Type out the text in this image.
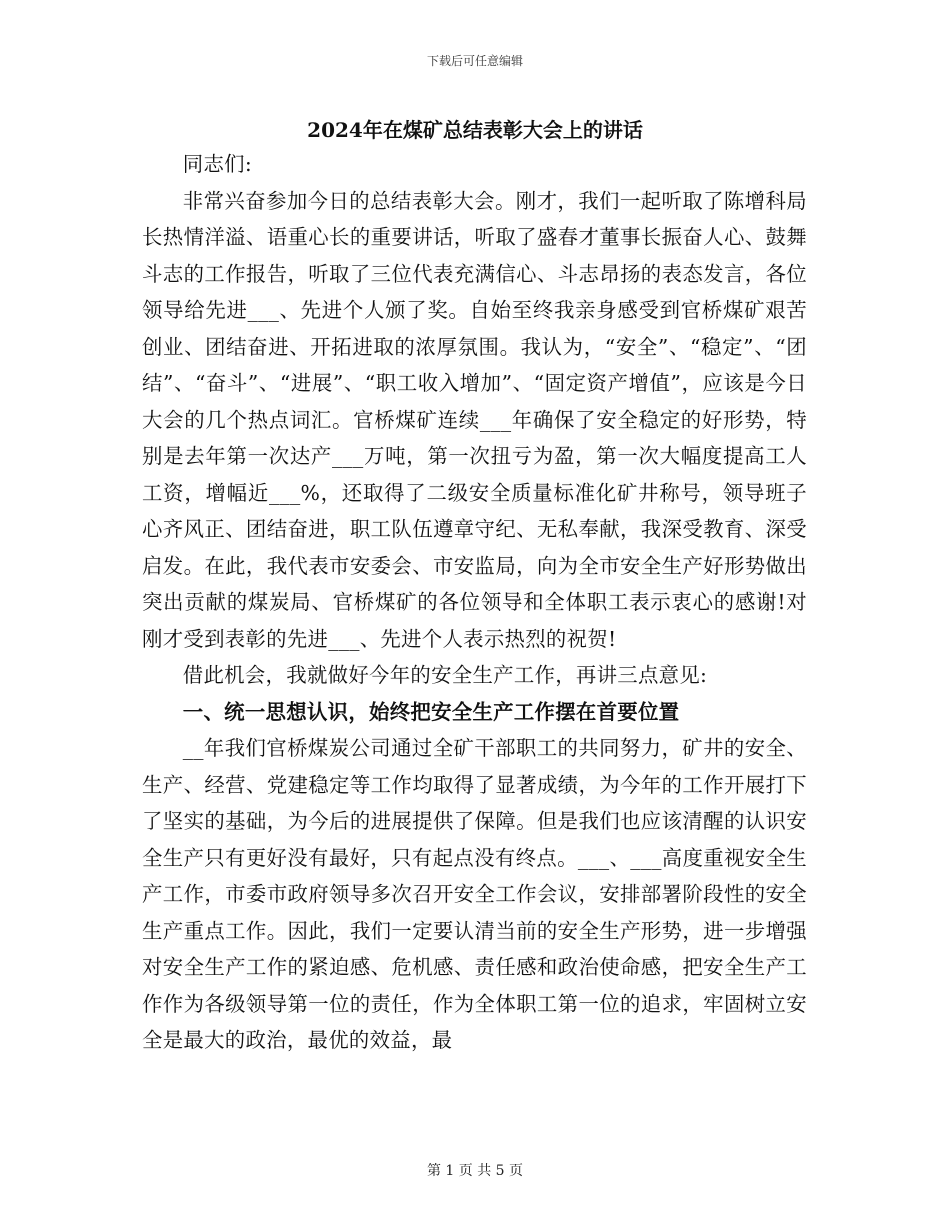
下载后可任意编辑
2024年在煤矿总结表彰大会上的讲话

同志们:

非常兴奋参加今日的总结表彰大会。刚才，我们一起听取了陈增科局长热情洋溢、语重心长的重要讲话，听取了盛春才董事长振奋人心、鼓舞斗志的工作报告，听取了三位代表充满信心、斗志昂扬的表态发言，各位领导给先进___、先进个人颁了奖。自始至终我亲身感受到官桥煤矿艰苦创业、团结奋进、开拓进取的浓厚氛围。我认为，“安全”、“稳定”、“团结”、“奋斗”、“进展”、“职工收入增加”、“固定资产增值”，应该是今日大会的几个热点词汇。官桥煤矿连续___年确保了安全稳定的好形势，特别是去年第一次达产___万吨，第一次扭亏为盈，第一次大幅度提高工人工资，增幅近___%，还取得了二级安全质量标准化矿井称号，领导班子心齐风正、团结奋进，职工队伍遵章守纪、无私奉献，我深受教育、深受启发。在此，我代表市安委会、市安监局，向为全市安全生产好形势做出突出贡献的煤炭局、官桥煤矿的各位领导和全体职工表示衷心的感谢!对刚才受到表彰的先进___、先进个人表示热烈的祝贺!

借此机会，我就做好今年的安全生产工作，再讲三点意见:

一、统一思想认识，始终把安全生产工作摆在首要位置

__年我们官桥煤炭公司通过全矿干部职工的共同努力，矿井的安全、生产、经营、党建稳定等工作均取得了显著成绩，为今年的工作开展打下了坚实的基础，为今后的进展提供了保障。但是我们也应该清醒的认识安全生产只有更好没有最好，只有起点没有终点。___、___高度重视安全生产工作，市委市政府领导多次召开安全工作会议，安排部署阶段性的安全生产重点工作。因此，我们一定要认清当前的安全生产形势，进一步增强对安全生产工作的紧迫感、危机感、责任感和政治使命感，把安全生产工作作为各级领导第一位的责任，作为全体职工第一位的追求，牢固树立安全是最大的政治，最优的效益，最

第 1 页 共 5 页
